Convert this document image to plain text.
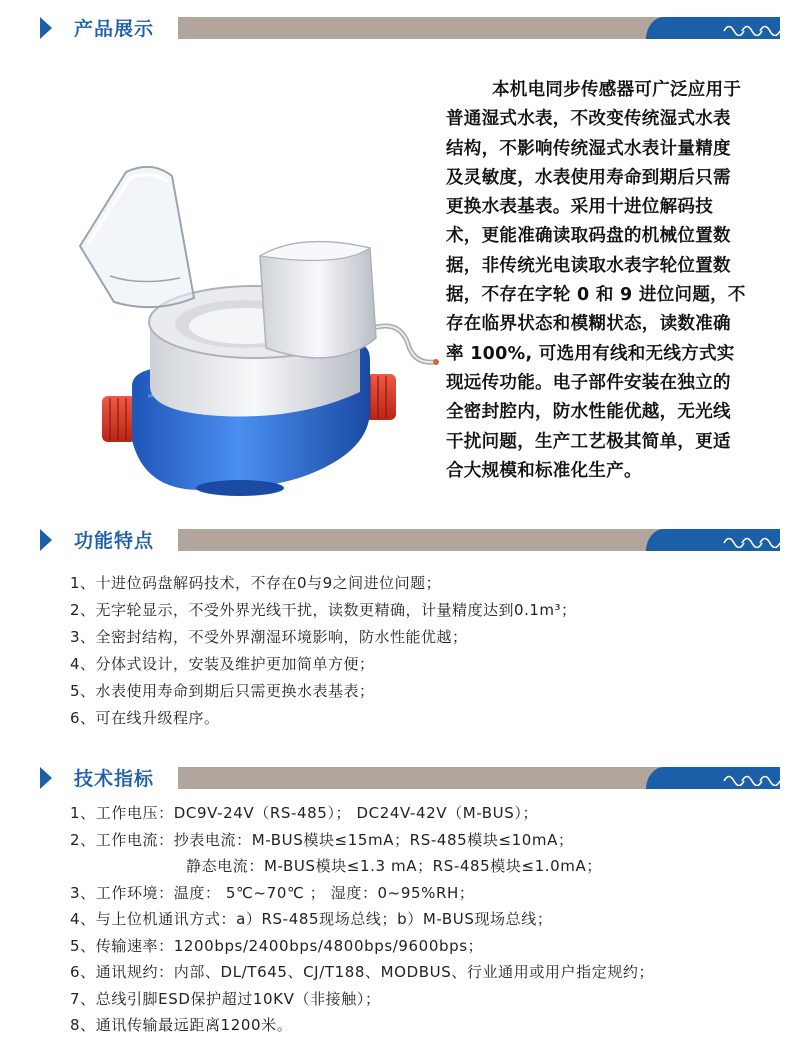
产品展示
本机电同步传感器可广泛应用于
普通湿式水表，不改变传统湿式水表
结构，不影响传统湿式水表计量精度
及灵敏度，水表使用寿命到期后只需
更换水表基表。采用十进位解码技
术，更能准确读取码盘的机械位置数
据，非传统光电读取水表字轮位置数
据，不存在字轮 0 和 9 进位问题，不
存在临界状态和模糊状态，读数准确
率 100%, 可选用有线和无线方式实
现远传功能。电子部件安装在独立的
全密封腔内，防水性能优越，无光线
干扰问题，生产工艺极其简单，更适
合大规模和标准化生产。
功能特点
1、十进位码盘解码技术，不存在0与9之间进位问题；
2、无字轮显示，不受外界光线干扰，读数更精确，计量精度达到0.1m³；
3、全密封结构，不受外界潮湿环境影响，防水性能优越；
4、分体式设计，安装及维护更加简单方便；
5、水表使用寿命到期后只需更换水表基表；
6、可在线升级程序。
技术指标
1、工作电压：DC9V-24V（RS-485）； DC24V-42V（M-BUS）；
2、工作电流：抄表电流：M-BUS模块≤15mA；RS-485模块≤10mA；
静态电流：M-BUS模块≤1.3 mA；RS-485模块≤1.0mA；
3、工作环境：温度： 5℃~70℃ ； 湿度：0~95%RH；
4、与上位机通讯方式：a）RS-485现场总线；b）M-BUS现场总线；
5、传输速率：1200bps/2400bps/4800bps/9600bps；
6、通讯规约：内部、DL/T645、CJ/T188、MODBUS、行业通用或用户指定规约；
7、总线引脚ESD保护超过10KV（非接触）；
8、通讯传输最远距离1200米。
